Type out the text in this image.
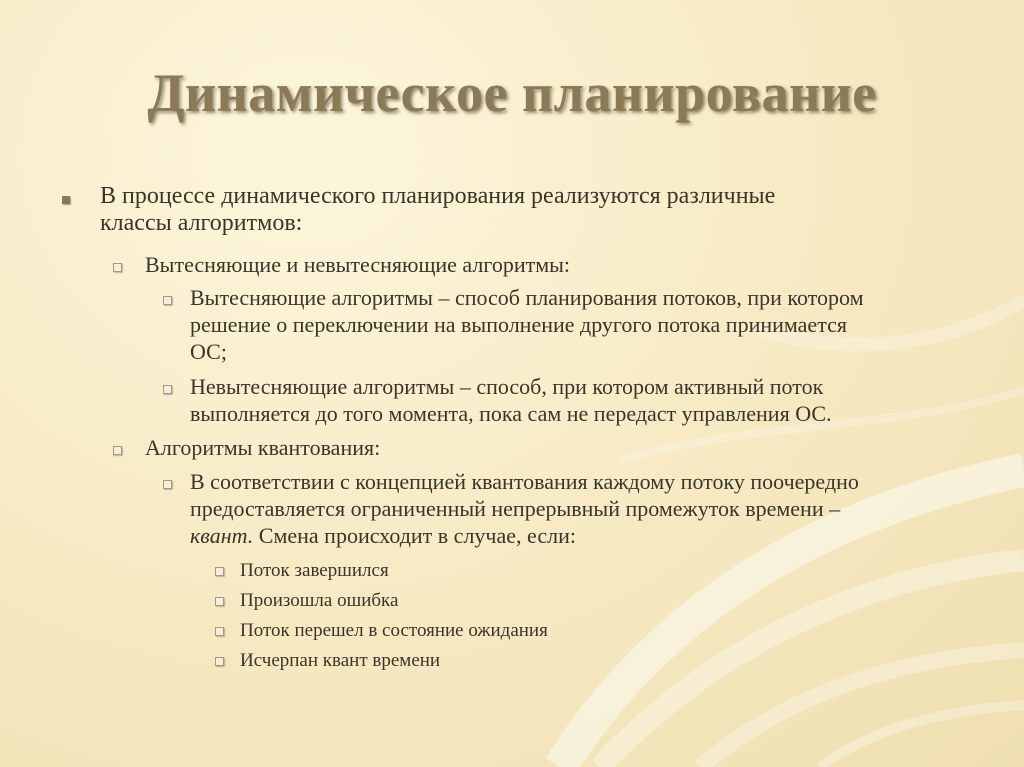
Динамическое планирование
В процессе динамического планирования реализуются различные
классы алгоритмов:
Вытесняющие и невытесняющие алгоритмы:
Вытесняющие алгоритмы – способ планирования потоков, при котором
решение о переключении на выполнение другого потока принимается
ОС;
Невытесняющие алгоритмы – способ, при котором активный поток
выполняется до того момента, пока сам не передаст управления ОС.
Алгоритмы квантования:
В соответствии с концепцией квантования каждому потоку поочередно
предоставляется ограниченный непрерывный промежуток времени –
квант. Смена происходит в случае, если:
Поток завершился
Произошла ошибка
Поток перешел в состояние ожидания
Исчерпан квант времени
